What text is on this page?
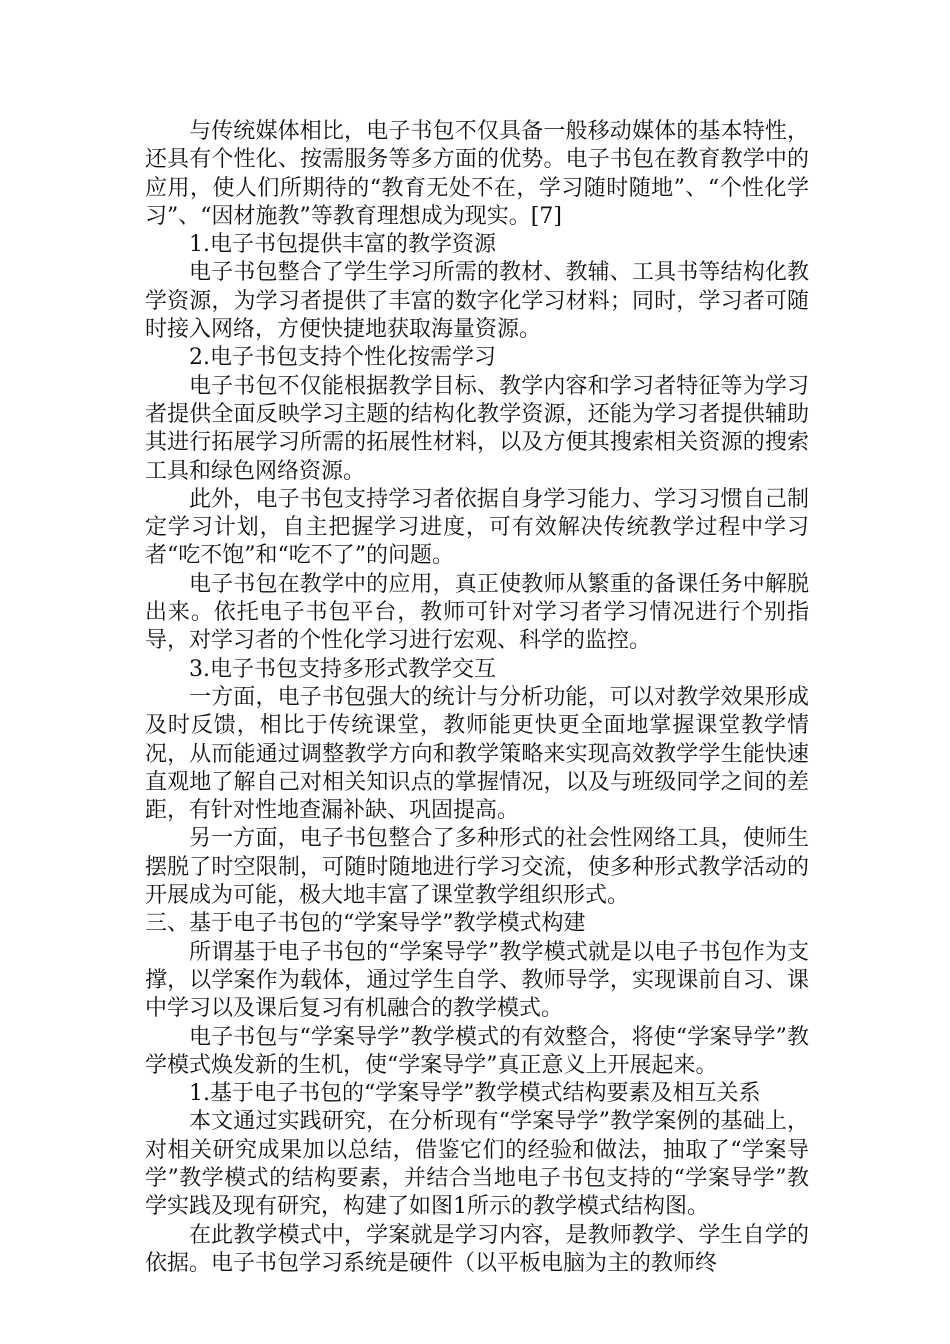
与传统媒体相比，电子书包不仅具备一般移动媒体的基本特性，还具有个性化、按需服务等多方面的优势。电子书包在教育教学中的应用，使人们所期待的“教育无处不在，学习随时随地”、“个性化学习”、“因材施教”等教育理想成为现实。[7]

1.电子书包提供丰富的教学资源

电子书包整合了学生学习所需的教材、教辅、工具书等结构化教学资源，为学习者提供了丰富的数字化学习材料；同时，学习者可随时接入网络，方便快捷地获取海量资源。

2.电子书包支持个性化按需学习

电子书包不仅能根据教学目标、教学内容和学习者特征等为学习者提供全面反映学习主题的结构化教学资源，还能为学习者提供辅助其进行拓展学习所需的拓展性材料，以及方便其搜索相关资源的搜索工具和绿色网络资源。

此外，电子书包支持学习者依据自身学习能力、学习习惯自己制定学习计划，自主把握学习进度，可有效解决传统教学过程中学习者“吃不饱”和“吃不了”的问题。

电子书包在教学中的应用，真正使教师从繁重的备课任务中解脱出来。依托电子书包平台，教师可针对学习者学习情况进行个别指导，对学习者的个性化学习进行宏观、科学的监控。

3.电子书包支持多形式教学交互

一方面，电子书包强大的统计与分析功能，可以对教学效果形成及时反馈，相比于传统课堂，教师能更快更全面地掌握课堂教学情况，从而能通过调整教学方向和教学策略来实现高效教学学生能快速直观地了解自己对相关知识点的掌握情况，以及与班级同学之间的差距，有针对性地查漏补缺、巩固提高。

另一方面，电子书包整合了多种形式的社会性网络工具，使师生摆脱了时空限制，可随时随地进行学习交流，使多种形式教学活动的开展成为可能，极大地丰富了课堂教学组织形式。

三、基于电子书包的“学案导学”教学模式构建

所谓基于电子书包的“学案导学”教学模式就是以电子书包作为支撑，以学案作为载体，通过学生自学、教师导学，实现课前自习、课中学习以及课后复习有机融合的教学模式。

电子书包与“学案导学”教学模式的有效整合，将使“学案导学”教学模式焕发新的生机，使“学案导学”真正意义上开展起来。

1.基于电子书包的“学案导学”教学模式结构要素及相互关系

本文通过实践研究，在分析现有“学案导学”教学案例的基础上，对相关研究成果加以总结，借鉴它们的经验和做法，抽取了“学案导学”教学模式的结构要素，并结合当地电子书包支持的“学案导学”教学实践及现有研究，构建了如图1所示的教学模式结构图。

在此教学模式中，学案就是学习内容，是教师教学、学生自学的依据。电子书包学习系统是硬件（以平板电脑为主的教师终
